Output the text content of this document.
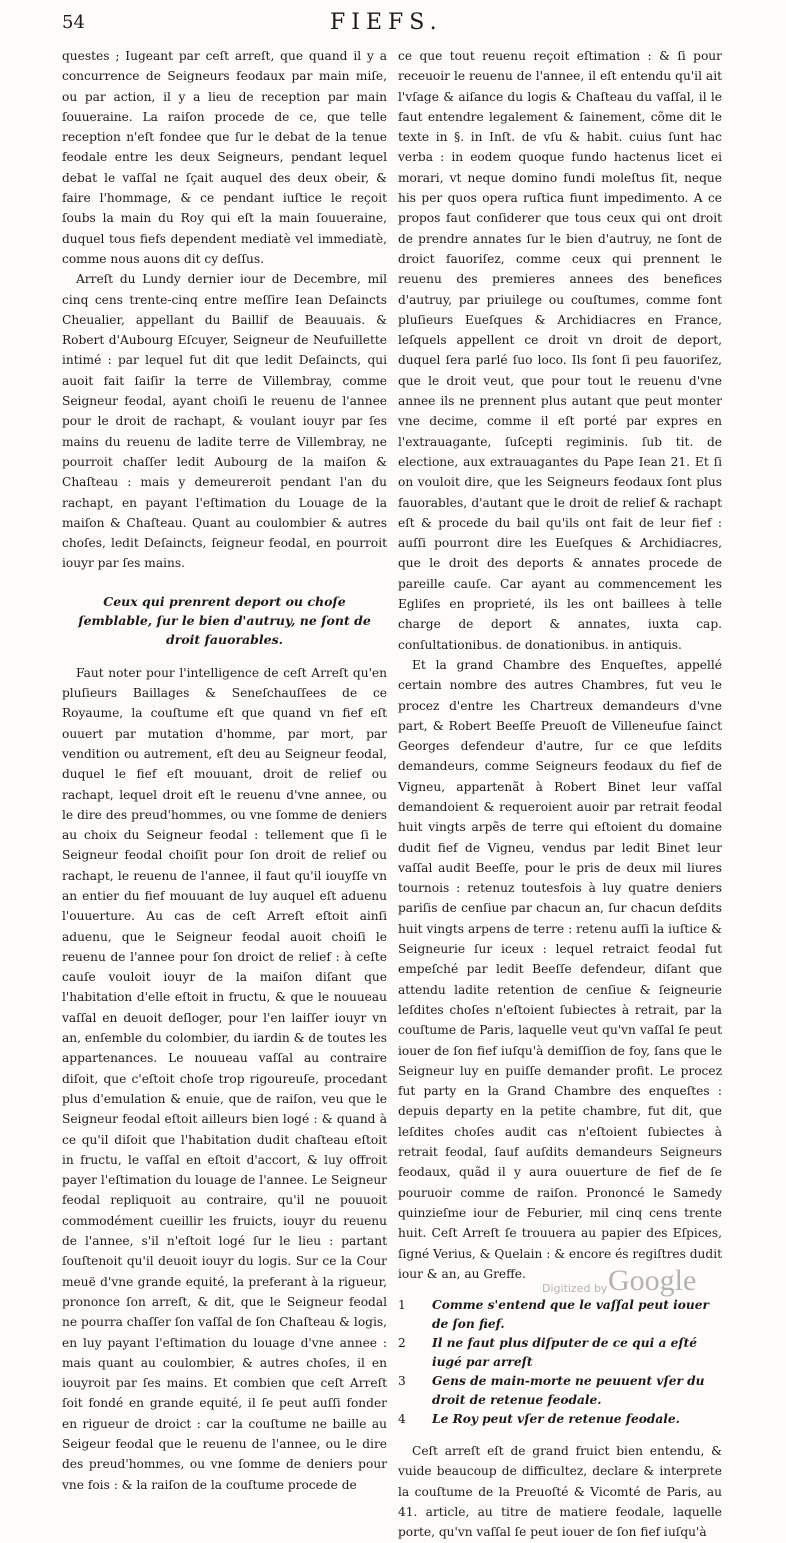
54	FIEFS.

questes ; Iugeant par ceſt arreſt, que quand il y a concurrence de Seigneurs feodaux par main miſe, ou par action, il y a lieu de reception par main ſouueraine. La raiſon procede de ce, que telle reception n'eſt fondee que ſur le debat de la tenue feodale entre les deux Seigneurs, pendant lequel debat le vaſſal ne ſçait auquel des deux obeir, & faire l'hommage, & ce pendant iuſtice le reçoit ſoubs la main du Roy qui eſt la main ſouueraine, duquel tous fiefs dependent mediatè vel immediatè, comme nous auons dit cy deſſus.

Arreſt du Lundy dernier iour de Decembre, mil cinq cens trente-cinq entre meſſire Iean Deſaincts Cheualier, appellant du Baillif de Beauuais. & Robert d'Aubourg Eſcuyer, Seigneur de Neufuillette intimé : par lequel fut dit que ledit Deſaincts, qui auoit fait ſaiſir la terre de Villembray, comme Seigneur feodal, ayant choiſi le reuenu de l'annee pour le droit de rachapt, & voulant iouyr par ſes mains du reuenu de ladite terre de Villembray, ne pourroit chaſſer ledit Aubourg de la maiſon & Chaſteau : mais y demeureroit pendant l'an du rachapt, en payant l'eſtimation du Louage de la maiſon & Chaſteau. Quant au coulombier & autres choſes, ledit Deſaincts, ſeigneur feodal, en pourroit iouyr par ſes mains.

Ceux qui prenrent deport ou choſe ſemblable, ſur le bien d'autruy, ne ſont de droit fauorables.

Faut noter pour l'intelligence de ceſt Arreſt qu'en pluſieurs Baillages & Seneſchauſſees de ce Royaume, la couſtume eſt que quand vn fief eſt ouuert par mutation d'homme, par mort, par vendition ou autrement, eſt deu au Seigneur feodal, duquel le fief eſt mouuant, droit de relief ou rachapt, lequel droit eſt le reuenu d'vne annee, ou le dire des preud'hommes, ou vne ſomme de deniers au choix du Seigneur feodal : tellement que ſi le Seigneur feodal choiſit pour ſon droit de relief ou rachapt, le reuenu de l'annee, il faut qu'il iouyſſe vn an entier du fief mouuant de luy auquel eſt aduenu l'ouuerture. Au cas de ceſt Arreſt eſtoit ainſi aduenu, que le Seigneur feodal auoit choiſi le reuenu de l'annee pour ſon droict de relief : à ceſte cauſe vouloit iouyr de la maiſon diſant que l'habitation d'elle eſtoit in fructu, & que le nouueau vaſſal en deuoit deſloger, pour l'en laiſſer iouyr vn an, enſemble du colombier, du iardin & de toutes les appartenances. Le nouueau vaſſal au contraire diſoit, que c'eſtoit choſe trop rigoureuſe, procedant plus d'emulation & enuie, que de raiſon, veu que le Seigneur feodal eſtoit ailleurs bien logé : & quand à ce qu'il diſoit que l'habitation dudit chaſteau eſtoit in fructu, le vaſſal en eſtoit d'accort, & luy offroit payer l'eſtimation du louage de l'annee. Le Seigneur feodal repliquoit au contraire, qu'il ne pouuoit commodément cueillir les fruicts, iouyr du reuenu de l'annee, s'il n'eſtoit logé ſur le lieu : partant ſouſtenoit qu'il deuoit iouyr du logis. Sur ce la Cour meuë d'vne grande equité, la preferant à la rigueur, prononce ſon arreſt, & dit, que le Seigneur feodal ne pourra chaſſer ſon vaſſal de ſon Chaſteau & logis, en luy payant l'eſtimation du louage d'vne annee : mais quant au coulombier, & autres choſes, il en iouyroit par ſes mains. Et combien que ceſt Arreſt ſoit fondé en grande equité, il ſe peut auſſi fonder en rigueur de droict : car la couſtume ne baille au Seigeur feodal que le reuenu de l'annee, ou le dire des preud'hommes, ou vne ſomme de deniers pour vne fois : & la raiſon de la couſtume procede de

ce que tout reuenu reçoit eſtimation : & ſi pour receuoir le reuenu de l'annee, il eſt entendu qu'il ait l'vſage & aiſance du logis & Chaſteau du vaſſal, il le faut entendre legalement & ſainement, cõme dit le texte in §. in Inſt. de vſu & habit. cuius ſunt hac verba : in eodem quoque fundo hactenus licet ei morari, vt neque domino fundi moleſtus ſit, neque his per quos opera ruſtica fiunt impedimento. A ce propos faut conſiderer que tous ceux qui ont droit de prendre annates ſur le bien d'autruy, ne ſont de droict fauoriſez, comme ceux qui prennent le reuenu des premieres annees des benefices d'autruy, par priuilege ou couſtumes, comme font pluſieurs Eueſques & Archidiacres en France, leſquels appellent ce droit vn droit de deport, duquel ſera parlé ſuo loco. Ils ſont ſi peu fauoriſez, que le droit veut, que pour tout le reuenu d'vne annee ils ne prennent plus autant que peut monter vne decime, comme il eſt porté par expres en l'extrauagante, ſuſcepti regiminis. ſub tit. de electione, aux extrauagantes du Pape Iean 21. Et ſi on vouloit dire, que les Seigneurs feodaux ſont plus fauorables, d'autant que le droit de relief & rachapt eſt & procede du bail qu'ils ont fait de leur fief : auſſi pourront dire les Eueſques & Archidiacres, que le droit des deports & annates procede de pareille cauſe. Car ayant au commencement les Egliſes en proprieté, ils les ont baillees à telle charge de deport & annates, iuxta cap. conſultationibus. de donationibus. in antiquis.

Et la grand Chambre des Enqueſtes, appellé certain nombre des autres Chambres, fut veu le procez d'entre les Chartreux demandeurs d'vne part, & Robert Beeſſe Preuoſt de Villeneufue ſainct Georges defendeur d'autre, ſur ce que leſdits demandeurs, comme Seigneurs feodaux du fief de Vigneu, appartenãt à Robert Binet leur vaſſal demandoient & requeroient auoir par retrait feodal huit vingts arpẽs de terre qui eſtoient du domaine dudit fief de Vigneu, vendus par ledit Binet leur vaſſal audit Beeſſe, pour le pris de deux mil liures tournois : retenuz toutesfois à luy quatre deniers pariſis de cenſiue par chacun an, ſur chacun deſdits huit vingts arpens de terre : retenu auſſi la iuſtice & Seigneurie ſur iceux : lequel retraict feodal fut empeſché par ledit Beeſſe defendeur, diſant que attendu ladite retention de cenſiue & ſeigneurie leſdites choſes n'eſtoient ſubiectes à retrait, par la couſtume de Paris, laquelle veut qu'vn vaſſal ſe peut iouer de ſon fief iuſqu'à demiſſion de foy, ſans que le Seigneur luy en puiſſe demander profit. Le procez fut party en la Grand Chambre des enqueſtes : depuis departy en la petite chambre, fut dit, que leſdites choſes audit cas n'eſtoient ſubiectes à retrait feodal, ſauf auſdits demandeurs Seigneurs feodaux, quãd il y aura ouuerture de fief de ſe pouruoir comme de raiſon. Prononcé le Samedy quinzieſme iour de Feburier, mil cinq cens trente huit. Ceſt Arreſt ſe trouuera au papier des Eſpices, ſigné Verius, & Quelain : & encore és regiſtres dudit iour & an, au Greffe.

1 Comme s'entend que le vaſſal peut iouer de ſon fief.
2 Il ne faut plus diſputer de ce qui a eſté iugé par arreſt
3 Gens de main-morte ne peuuent vſer du droit de retenue feodale.
4 Le Roy peut vſer de retenue feodale.

Ceſt arreſt eſt de grand fruict bien entendu, & vuide beaucoup de difficultez, declare & interprete la couſtume de la Preuoſté & Vicomté de Paris, au 41. article, au titre de matiere feodale, laquelle porte, qu'vn vaſſal ſe peut iouer de ſon fief iuſqu'à

Digitized by Google
